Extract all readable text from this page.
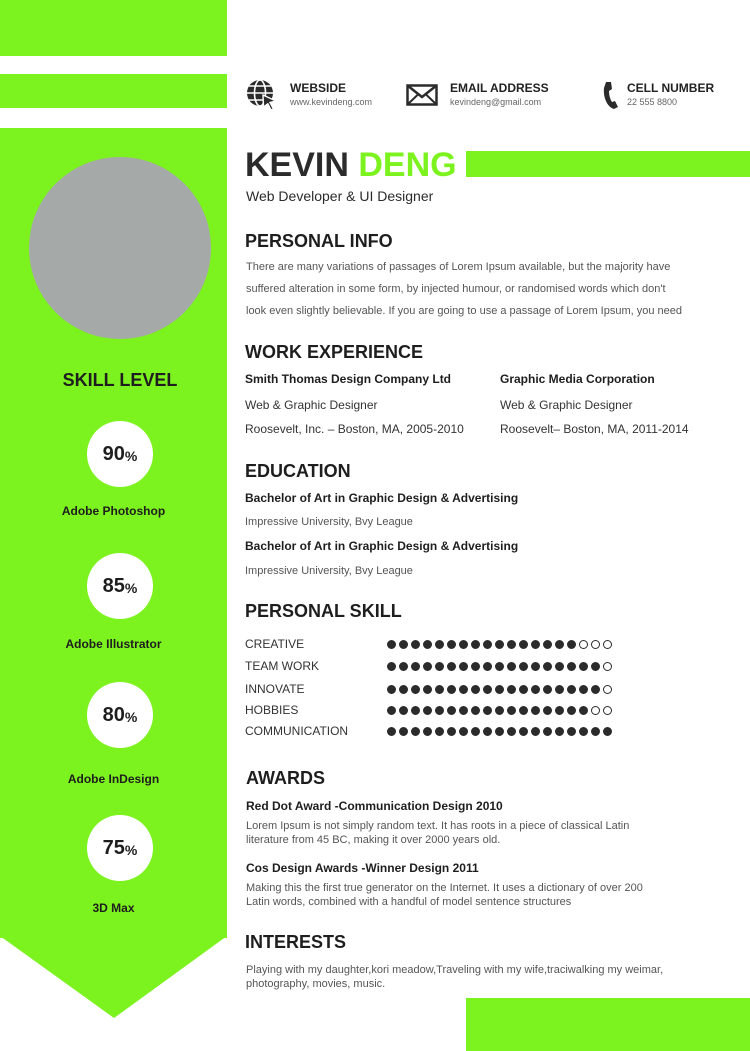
SKILL LEVEL
90 %
Adobe Photoshop
85 %
Adobe Illustrator
80 %
Adobe InDesign
75 %
3D Max
WEBSIDE
www.kevindeng.com
EMAIL ADDRESS
kevindeng@gmail.com
CELL NUMBER
22 555 8800
KEVIN DENG
Web Developer & UI Designer
PERSONAL INFO
There are many variations of passages of Lorem Ipsum available, but the majority have
suffered alteration in some form, by injected humour, or randomised words which don't
look even slightly believable. If you are going to use a passage of Lorem Ipsum, you need
WORK EXPERIENCE
Smith Thomas Design Company Ltd
Web & Graphic Designer
Roosevelt, Inc. – Boston, MA, 2005-2010
Graphic Media Corporation
Web & Graphic Designer
Roosevelt– Boston, MA, 2011-2014
EDUCATION
Bachelor of Art in Graphic Design & Advertising
Impressive University, Bvy League
Bachelor of Art in Graphic Design & Advertising
Impressive University, Bvy League
PERSONAL SKILL
CREATIVE
TEAM WORK
INNOVATE
HOBBIES
COMMUNICATION
AWARDS
Red Dot Award -Communication Design 2010
Lorem Ipsum is not simply random text. It has roots in a piece of classical Latin
literature from 45 BC, making it over 2000 years old.
Cos Design Awards -Winner Design 2011
Making this the first true generator on the Internet. It uses a dictionary of over 200
Latin words, combined with a handful of model sentence structures
INTERESTS
Playing with my daughter,kori meadow,Traveling with my wife,traciwalking my weimar,
photography, movies, music.
